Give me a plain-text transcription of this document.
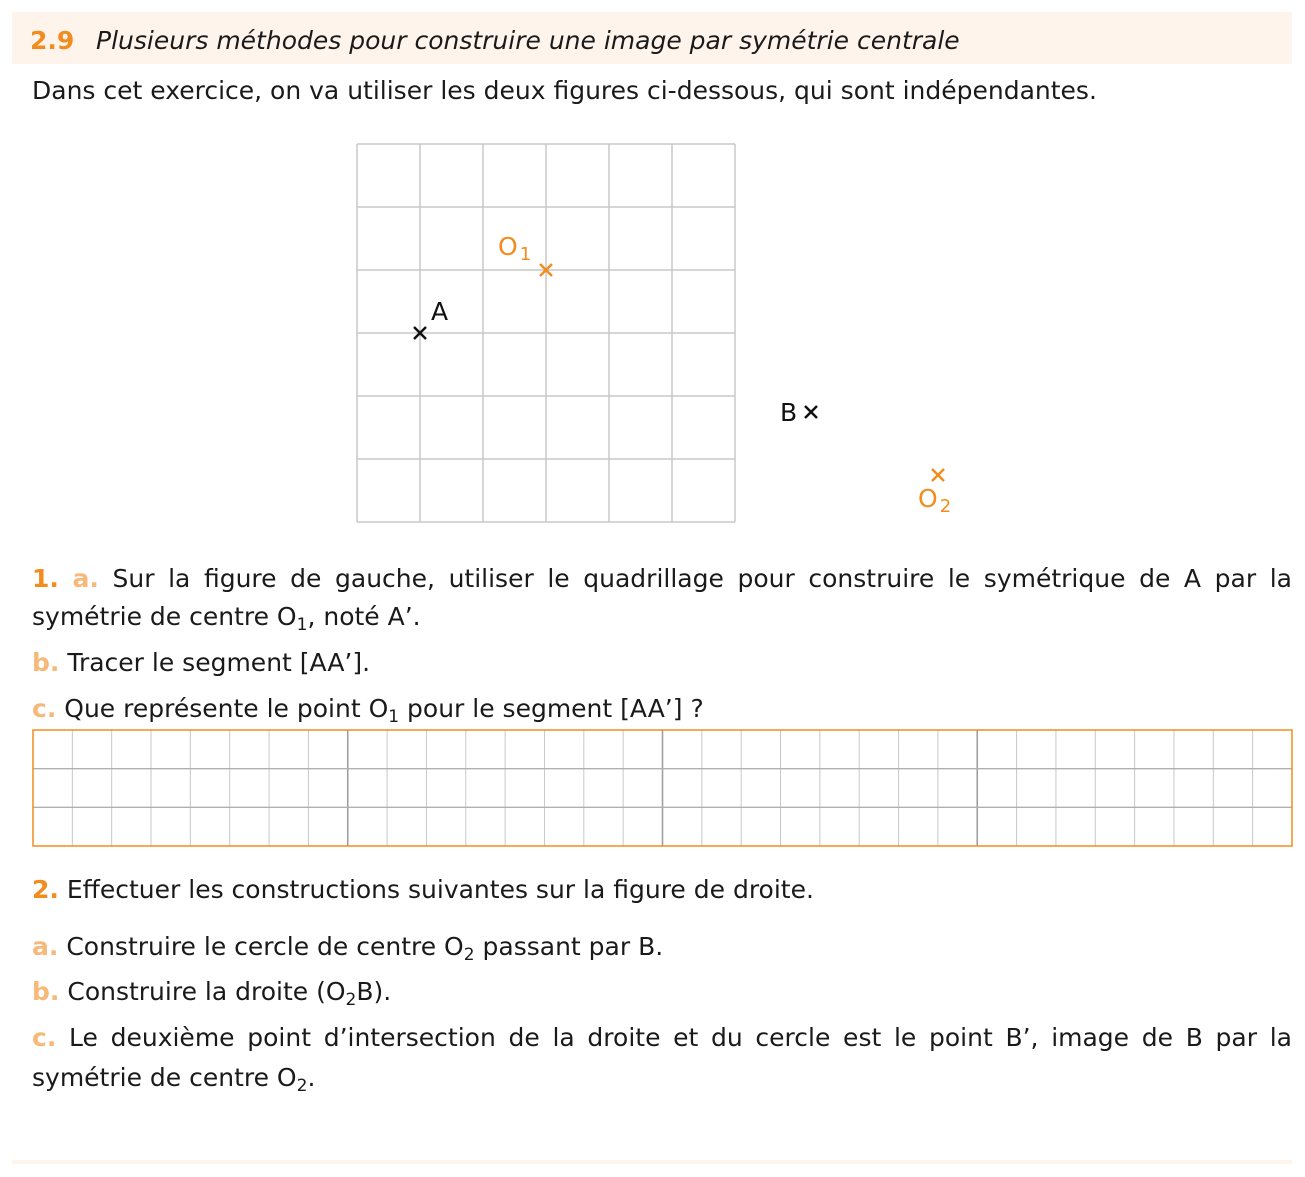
2.9 Plusieurs méthodes pour construire une image par symétrie centrale
Dans cet exercice, on va utiliser les deux figures ci-dessous, qui sont indépendantes.
A
O $_1$
B
O $_2$
1. a. Sur la figure de gauche, utiliser le quadrillage pour construire le symétrique de A par la
symétrie de centre $O_1$, noté A’.
b. Tracer le segment [AA’].
c. Que représente le point $O_1$ pour le segment [AA’] ?
2. Effectuer les constructions suivantes sur la figure de droite.
a. Construire le cercle de centre $O_2$ passant par B.
b. Construire la droite $(O_2B)$.
c. Le deuxième point d’intersection de la droite et du cercle est le point B’, image de B par la
symétrie de centre $O_2$.
